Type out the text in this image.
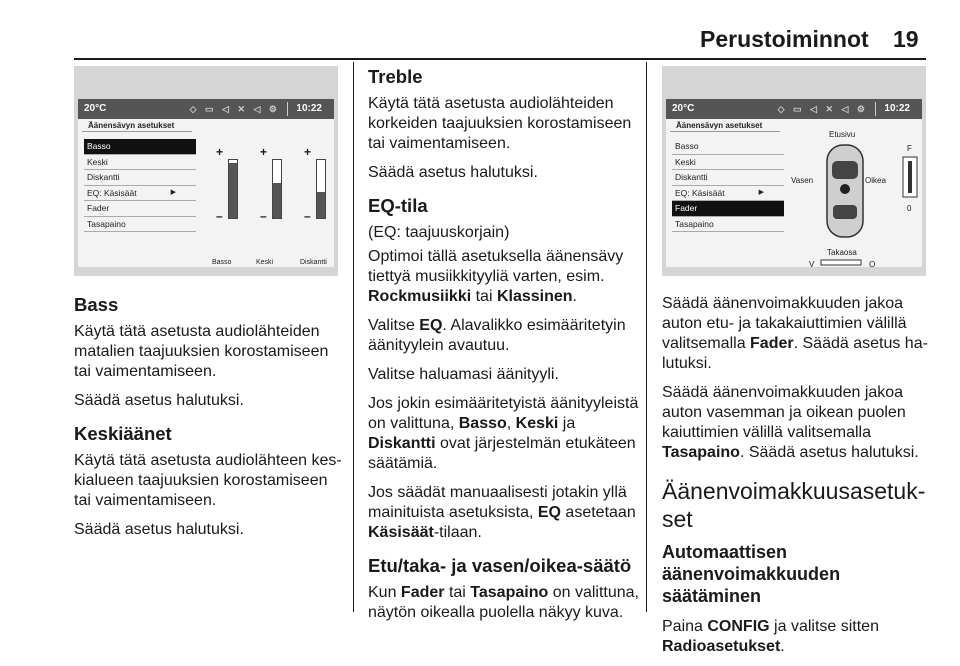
Perustoiminnot 19
20°C	◇ ▭ ◁ ✕ ◁ ⚙ 10:22
Äänensävyn asetukset
Basso
Keski
Diskantti
EQ: Käsisäät	▶
Fader
Tasapaino
+
–
Basso
+
–
Keski
+
–
Diskantti
20°C	◇ ▭ ◁ ✕ ◁ ⚙ 10:22
Äänensävyn asetukset
Basso
Keski
Diskantti
EQ: Käsisäät	▶
Fader
Tasapaino
Etusivu
Vasen	Oikea
Takaosa
F
0
V	O
Bass

Käytä tätä asetusta audiolähteiden matalien taajuuksien korostamiseen tai vaimentamiseen.

Säädä asetus halutuksi.

Keskiäänet

Käytä tätä asetusta audiolähteen keskialueen taajuuksien korostamiseen tai vaimentamiseen.

Säädä asetus halutuksi.

Treble

Käytä tätä asetusta audiolähteiden korkeiden taajuuksien korostamiseen tai vaimentamiseen.

Säädä asetus halutuksi.

EQ-tila

(EQ: taajuuskorjain)

Optimoi tällä asetuksella äänensävy tiettyä musiikkityyliä varten, esim. Rockmusiikki tai Klassinen.

Valitse EQ. Alavalikko esimääritetyin äänityylein avautuu.

Valitse haluamasi äänityyli.

Jos jokin esimääritetyistä äänityyleistä on valittuna, Basso, Keski ja Diskantti ovat järjestelmän etukäteen säätämiä.

Jos säädät manuaalisesti jotakin yllä mainituista asetuksista, EQ asetetaan Käsisäät-tilaan.

Etu/taka- ja vasen/oikea-säätö

Kun Fader tai Tasapaino on valittuna, näytön oikealla puolella näkyy kuva.

Säädä äänenvoimakkuuden jakoa auton etu- ja takakaiuttimien välillä valitsemalla Fader. Säädä asetus halutuksi.

Säädä äänenvoimakkuuden jakoa auton vasemman ja oikean puolen kaiuttimien välillä valitsemalla Tasapaino. Säädä asetus halutuksi.

Äänenvoimakkuusasetukset
Automaattisen äänenvoimakkuuden säätäminen

Paina CONFIG ja valitse sitten Radioasetukset.
